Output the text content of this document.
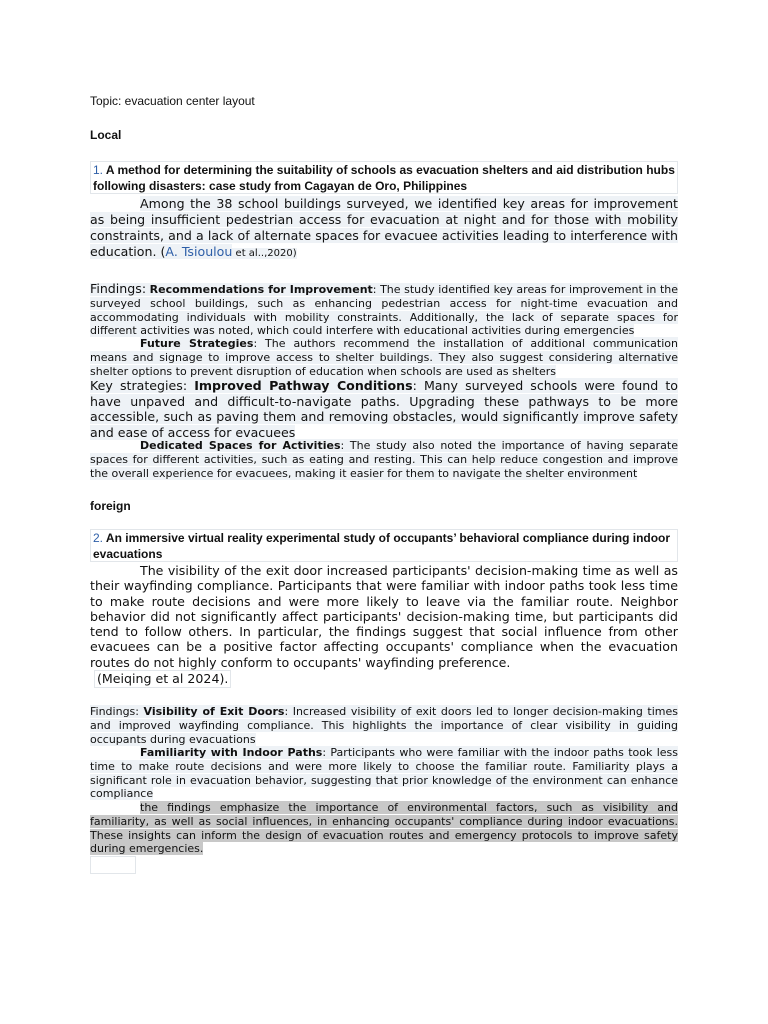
Topic: evacuation center layout
Local
1. A method for determining the suitability of schools as evacuation shelters and aid distribution hubs following disasters: case study from Cagayan de Oro, Philippines
Among the 38 school buildings surveyed, we identified key areas for improvement as being insufficient pedestrian access for evacuation at night and for those with mobility constraints, and a lack of alternate spaces for evacuee activities leading to interference with education. (A. Tsioulou et al..,2020)
Findings: Recommendations for Improvement: The study identified key areas for improvement in the surveyed school buildings, such as enhancing pedestrian access for night-time evacuation and accommodating individuals with mobility constraints. Additionally, the lack of separate spaces for different activities was noted, which could interfere with educational activities during emergencies
Future Strategies: The authors recommend the installation of additional communication means and signage to improve access to shelter buildings. They also suggest considering alternative shelter options to prevent disruption of education when schools are used as shelters
Key strategies: Improved Pathway Conditions: Many surveyed schools were found to have unpaved and difficult-to-navigate paths. Upgrading these pathways to be more accessible, such as paving them and removing obstacles, would significantly improve safety and ease of access for evacuees
Dedicated Spaces for Activities: The study also noted the importance of having separate spaces for different activities, such as eating and resting. This can help reduce congestion and improve the overall experience for evacuees, making it easier for them to navigate the shelter environment
foreign
2. An immersive virtual reality experimental study of occupants’ behavioral compliance during indoor evacuations
The visibility of the exit door increased participants' decision-making time as well as their wayfinding compliance. Participants that were familiar with indoor paths took less time to make route decisions and were more likely to leave via the familiar route. Neighbor behavior did not significantly affect participants' decision-making time, but participants did tend to follow others. In particular, the findings suggest that social influence from other evacuees can be a positive factor affecting occupants' compliance when the evacuation routes do not highly conform to occupants' wayfinding preference.
(Meiqing et al 2024).
Findings: Visibility of Exit Doors: Increased visibility of exit doors led to longer decision-making times and improved wayfinding compliance. This highlights the importance of clear visibility in guiding occupants during evacuations
Familiarity with Indoor Paths: Participants who were familiar with the indoor paths took less time to make route decisions and were more likely to choose the familiar route. Familiarity plays a significant role in evacuation behavior, suggesting that prior knowledge of the environment can enhance compliance
the findings emphasize the importance of environmental factors, such as visibility and familiarity, as well as social influences, in enhancing occupants' compliance during indoor evacuations. These insights can inform the design of evacuation routes and emergency protocols to improve safety during emergencies.
